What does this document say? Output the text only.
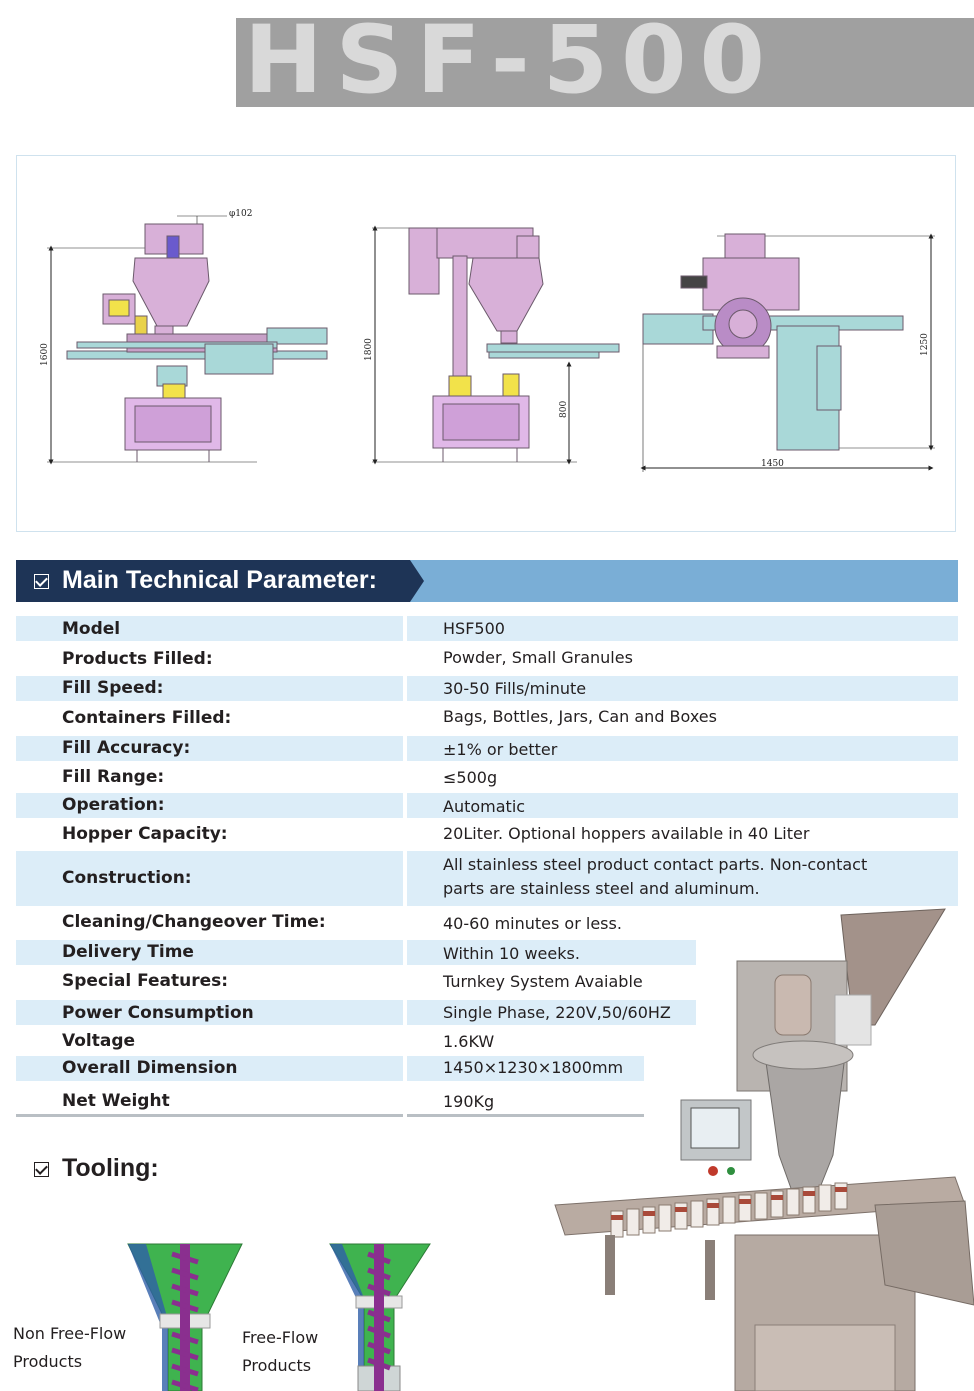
HSF-500
φ102
1600	1800
800
1250
1450
Main Technical Parameter:
Model	HSF500
Products Filled:	Powder, Small Granules
Fill Speed:	30-50 Fills/minute
Containers Filled:	Bags, Bottles, Jars, Can and Boxes
Fill Accuracy:	±1% or better
Fill Range:	≤500g
Operation:	Automatic
Hopper Capacity:	20Liter. Optional hoppers available in 40 Liter
Construction:
All stainless steel product contact parts. Non-contact
parts are stainless steel and aluminum.
Cleaning/Changeover Time:	40-60 minutes or less.
Delivery Time	Within 10 weeks.
Special Features:	Turnkey System Avaiable
Power Consumption	Single Phase, 220V,50/60HZ
Voltage	1.6KW
Overall Dimension	1450×1230×1800mm
Net Weight	190Kg
Tooling:
Non Free-Flow
Products
Free-Flow
Products
